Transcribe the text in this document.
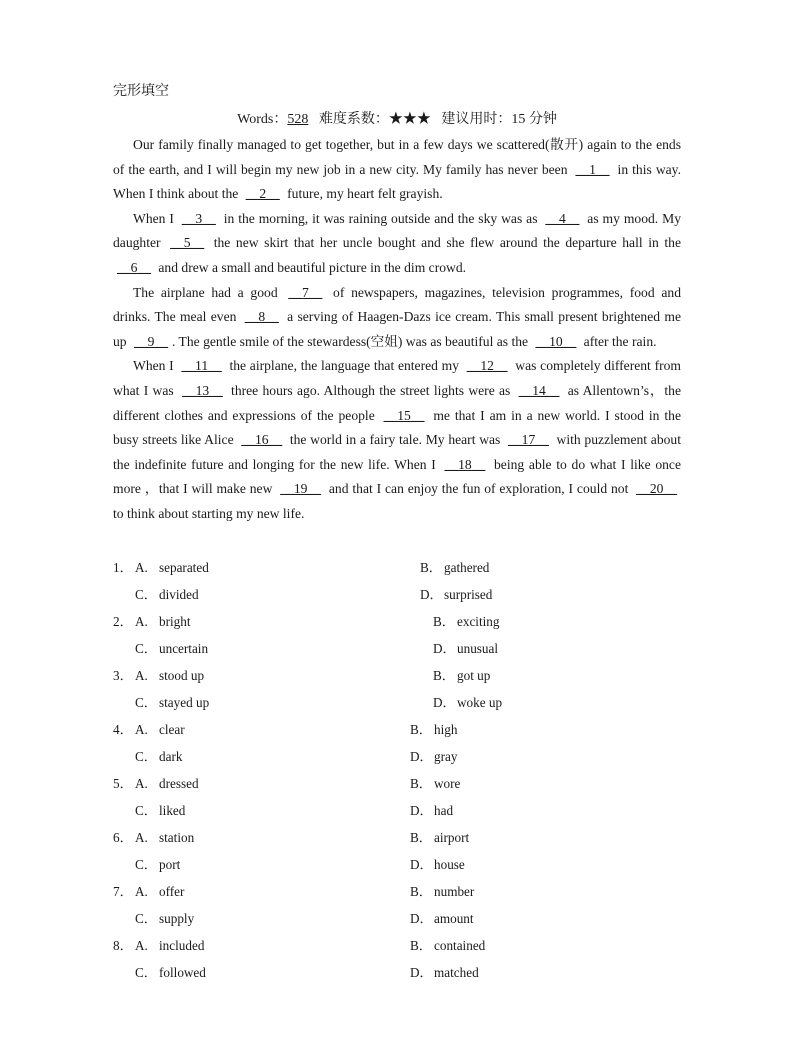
完形填空
Words：528   难度系数：★★★   建议用时：15 分钟

Our family finally managed to get together, but in a few days we scattered(散开) again to the ends of the earth, and I will begin my new job in a new city. My family has never been __1__ in this way. When I think about the __2__ future, my heart felt grayish.

When I __3__ in the morning, it was raining outside and the sky was as __4__ as my mood. My daughter __5__ the new skirt that her uncle bought and she flew around the departure hall in the __6__ and drew a small and beautiful picture in the dim crowd.

The airplane had a good __7__ of newspapers, magazines, television programmes, food and drinks. The meal even __8__ a serving of Haagen-Dazs ice cream. This small present brightened me up __9__ . The gentle smile of the stewardess(空姐) was as beautiful as the __10__ after the rain.

When I __11__ the airplane, the language that entered my __12__ was completely different from what I was __13__ three hours ago. Although the street lights were as __14__ as Allentown’s，the different clothes and expressions of the people __15__ me that I am in a new world. I stood in the busy streets like Alice __16__ the world in a fairy tale. My heart was __17__ with puzzlement about the indefinite future and longing for the new life. When I __18__ being able to do what I like once more ，that I will make new __19__ and that I can enjoy the fun of exploration, I could not __20__ to think about starting my new life.

1． A. separated	B． gathered
C． divided	D．surprised
2． A. bright	B． exciting
C． uncertain	D．unusual
3． A. stood up	B． got up
C． stayed up	D．woke up
4． A. clear	B． high
C． dark	D．gray
5． A. dressed	B． wore
C． liked	D．had
6． A. station	B． airport
C． port	D．house
7． A. offer	B． number
C． supply	D．amount
8． A. included	B． contained
C． followed	D．matched
